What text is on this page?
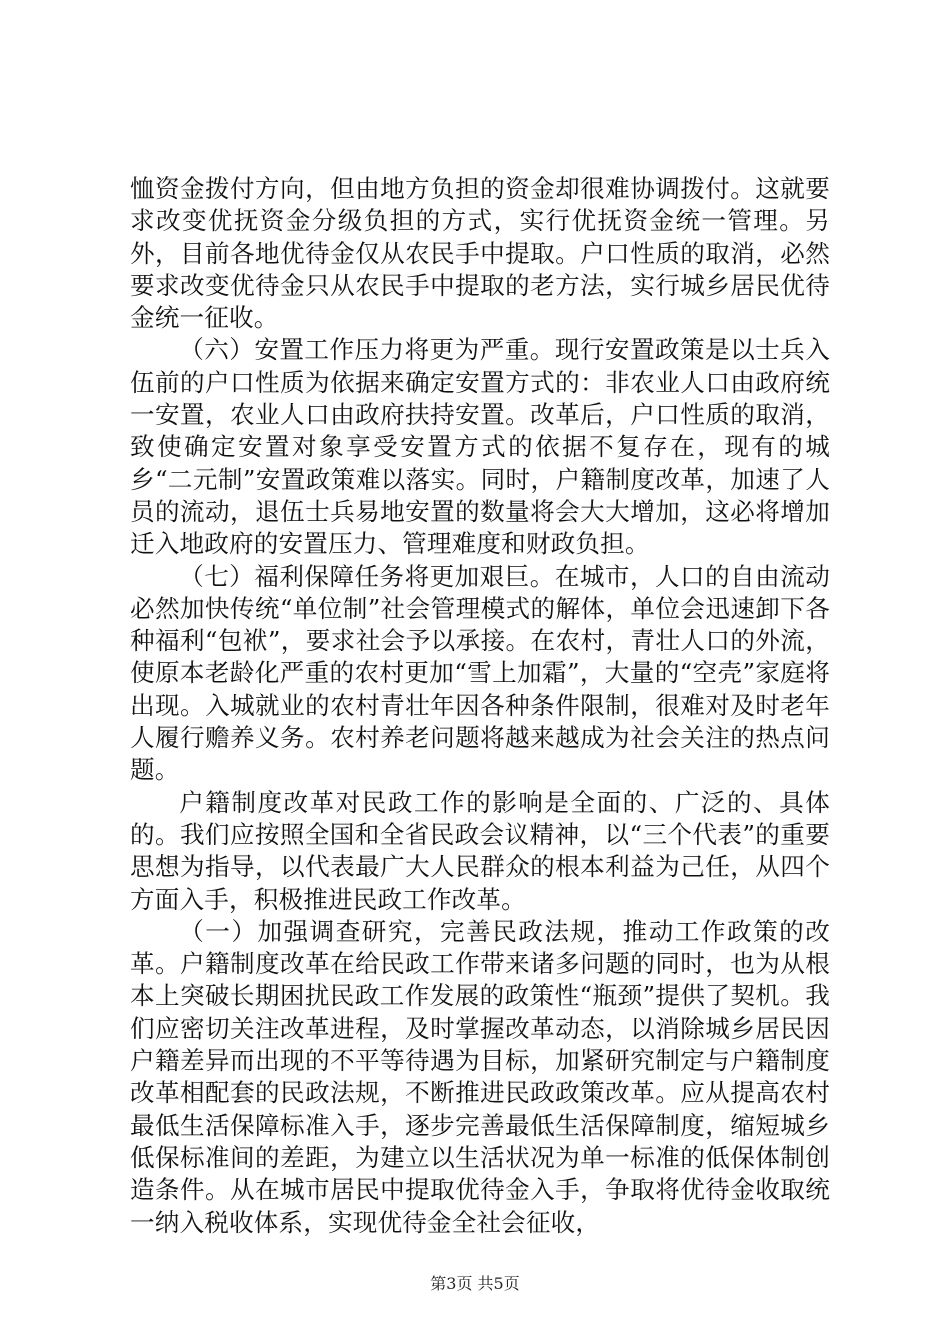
恤资金拨付方向，但由地方负担的资金却很难协调拨付。这就要求改变优抚资金分级负担的方式，实行优抚资金统一管理。另外，目前各地优待金仅从农民手中提取。户口性质的取消，必然要求改变优待金只从农民手中提取的老方法，实行城乡居民优待金统一征收。

（六）安置工作压力将更为严重。现行安置政策是以士兵入伍前的户口性质为依据来确定安置方式的：非农业人口由政府统一安置，农业人口由政府扶持安置。改革后，户口性质的取消，致使确定安置对象享受安置方式的依据不复存在，现有的城乡“二元制”安置政策难以落实。同时，户籍制度改革，加速了人员的流动，退伍士兵易地安置的数量将会大大增加，这必将增加迁入地政府的安置压力、管理难度和财政负担。

（七）福利保障任务将更加艰巨。在城市，人口的自由流动必然加快传统“单位制”社会管理模式的解体，单位会迅速卸下各种福利“包袱”，要求社会予以承接。在农村，青壮人口的外流，使原本老龄化严重的农村更加“雪上加霜”，大量的“空壳”家庭将出现。入城就业的农村青壮年因各种条件限制，很难对及时老年人履行赡养义务。农村养老问题将越来越成为社会关注的热点问题。

户籍制度改革对民政工作的影响是全面的、广泛的、具体的。我们应按照全国和全省民政会议精神，以“三个代表”的重要思想为指导，以代表最广大人民群众的根本利益为己任，从四个方面入手，积极推进民政工作改革。

（一）加强调查研究，完善民政法规，推动工作政策的改革。户籍制度改革在给民政工作带来诸多问题的同时，也为从根本上突破长期困扰民政工作发展的政策性“瓶颈”提供了契机。我们应密切关注改革进程，及时掌握改革动态，以消除城乡居民因户籍差异而出现的不平等待遇为目标，加紧研究制定与户籍制度改革相配套的民政法规，不断推进民政政策改革。应从提高农村最低生活保障标准入手，逐步完善最低生活保障制度，缩短城乡低保标准间的差距，为建立以生活状况为单一标准的低保体制创造条件。从在城市居民中提取优待金入手，争取将优待金收取统一纳入税收体系，实现优待金全社会征收，

第3页 共5页
